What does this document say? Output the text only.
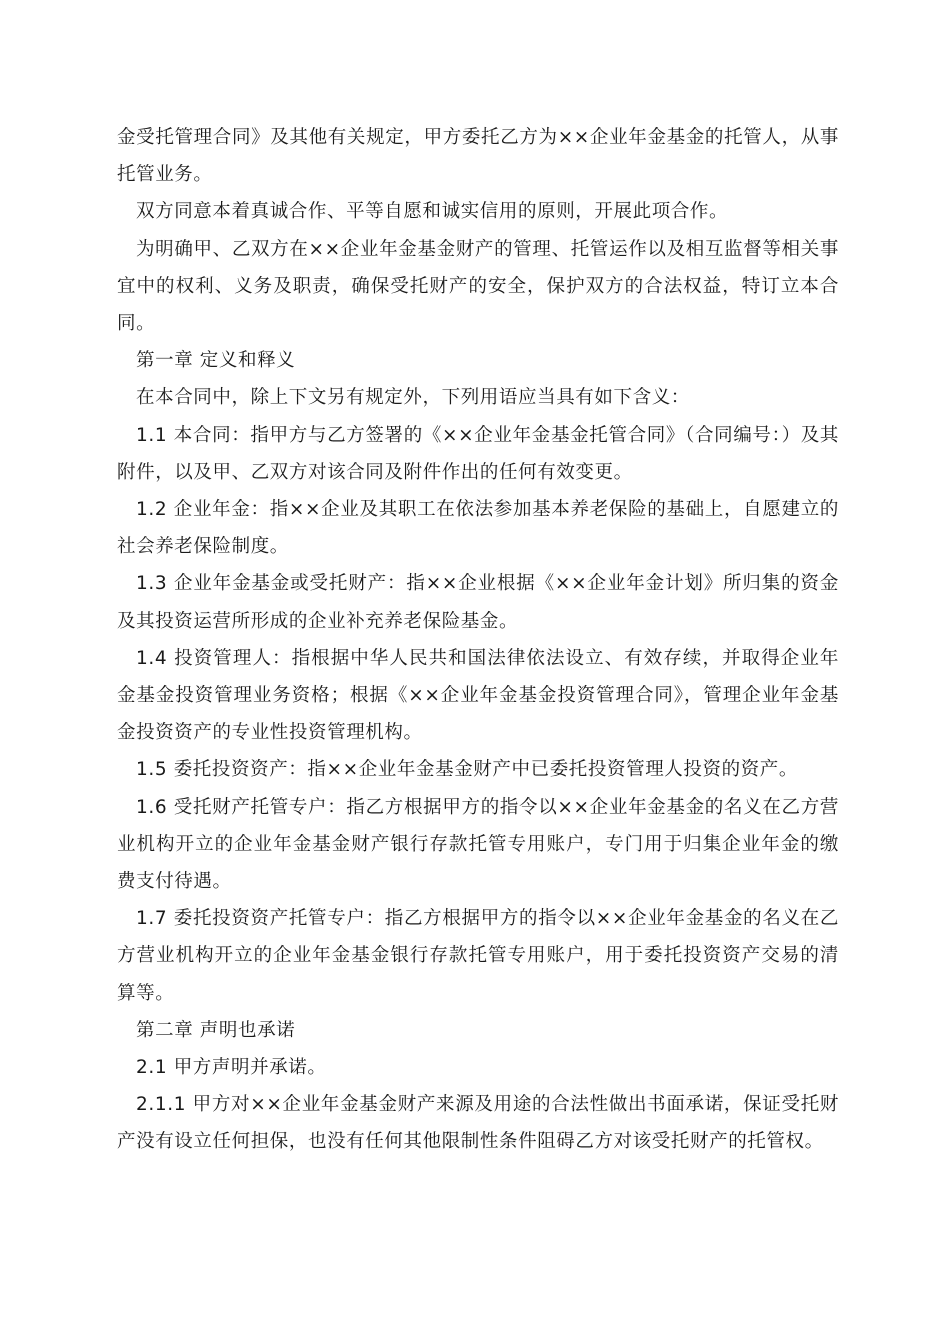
金受托管理合同》及其他有关规定，甲方委托乙方为××企业年金基金的托管人，从事托管业务。

双方同意本着真诚合作、平等自愿和诚实信用的原则，开展此项合作。

为明确甲、乙双方在××企业年金基金财产的管理、托管运作以及相互监督等相关事宜中的权利、义务及职责，确保受托财产的安全，保护双方的合法权益，特订立本合同。

第一章 定义和释义

在本合同中，除上下文另有规定外，下列用语应当具有如下含义：

1.1 本合同：指甲方与乙方签署的《××企业年金基金托管合同》（合同编号：）及其附件，以及甲、乙双方对该合同及附件作出的任何有效变更。

1.2 企业年金：指××企业及其职工在依法参加基本养老保险的基础上，自愿建立的社会养老保险制度。

1.3 企业年金基金或受托财产：指××企业根据《××企业年金计划》所归集的资金及其投资运营所形成的企业补充养老保险基金。

1.4 投资管理人：指根据中华人民共和国法律依法设立、有效存续，并取得企业年金基金投资管理业务资格；根据《××企业年金基金投资管理合同》，管理企业年金基金投资资产的专业性投资管理机构。

1.5 委托投资资产：指××企业年金基金财产中已委托投资管理人投资的资产。

1.6 受托财产托管专户：指乙方根据甲方的指令以××企业年金基金的名义在乙方营业机构开立的企业年金基金财产银行存款托管专用账户，专门用于归集企业年金的缴费支付待遇。

1.7 委托投资资产托管专户：指乙方根据甲方的指令以××企业年金基金的名义在乙方营业机构开立的企业年金基金银行存款托管专用账户，用于委托投资资产交易的清算等。

第二章 声明也承诺

2.1 甲方声明并承诺。

2.1.1 甲方对××企业年金基金财产来源及用途的合法性做出书面承诺，保证受托财产没有设立任何担保，也没有任何其他限制性条件阻碍乙方对该受托财产的托管权。
